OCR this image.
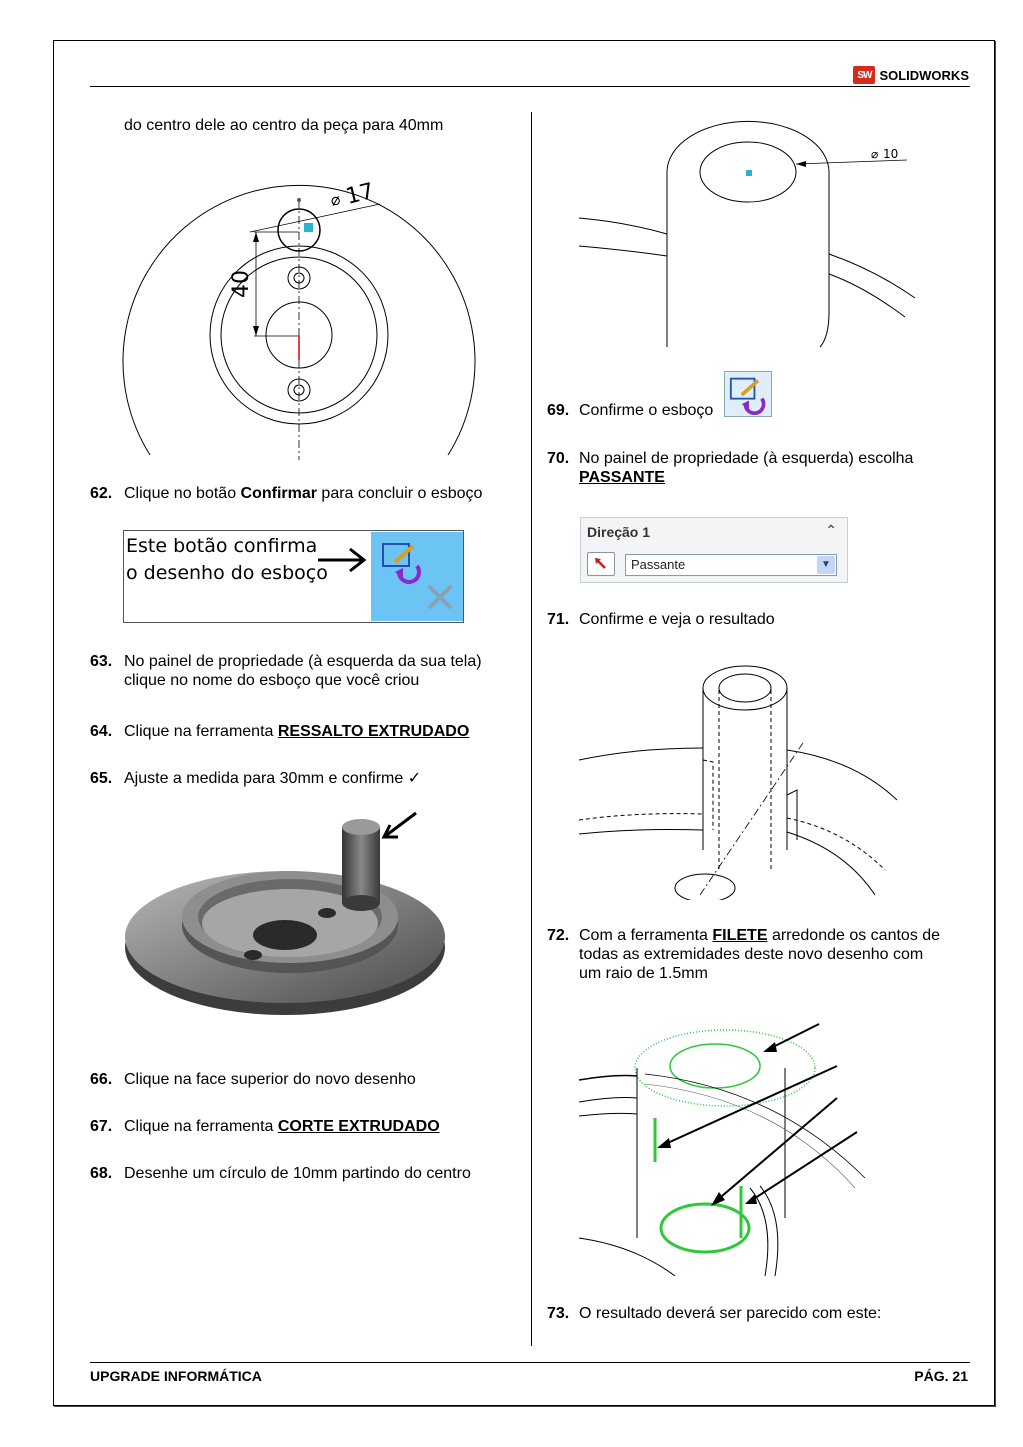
SW SOLIDWORKS
do centro dele ao centro da peça para 40mm
⌀ 17
40
62. Clique no botão Confirmar para concluir o esboço
Este botão confirma
o desenho do esboço
63. No painel de propriedade (à esquerda da sua tela)
clique no nome do esboço que você criou
64. Clique na ferramenta RESSALTO EXTRUDADO
65. Ajuste a medida para 30mm e confirme ✓
66. Clique na face superior do novo desenho
67. Clique na ferramenta CORTE EXTRUDADO
68. Desenhe um círculo de 10mm partindo do centro
⌀ 10
69. Confirme o esboço
70. No painel de propriedade (à esquerda) escolha
PASSANTE
Direção 1	⌃
Passante	▼
71. Confirme e veja o resultado
72. Com a ferramenta FILETE arredonde os cantos de
todas as extremidades deste novo desenho com
um raio de 1.5mm
73. O resultado deverá ser parecido com este:
UPGRADE INFORMÁTICA	PÁG. 21
